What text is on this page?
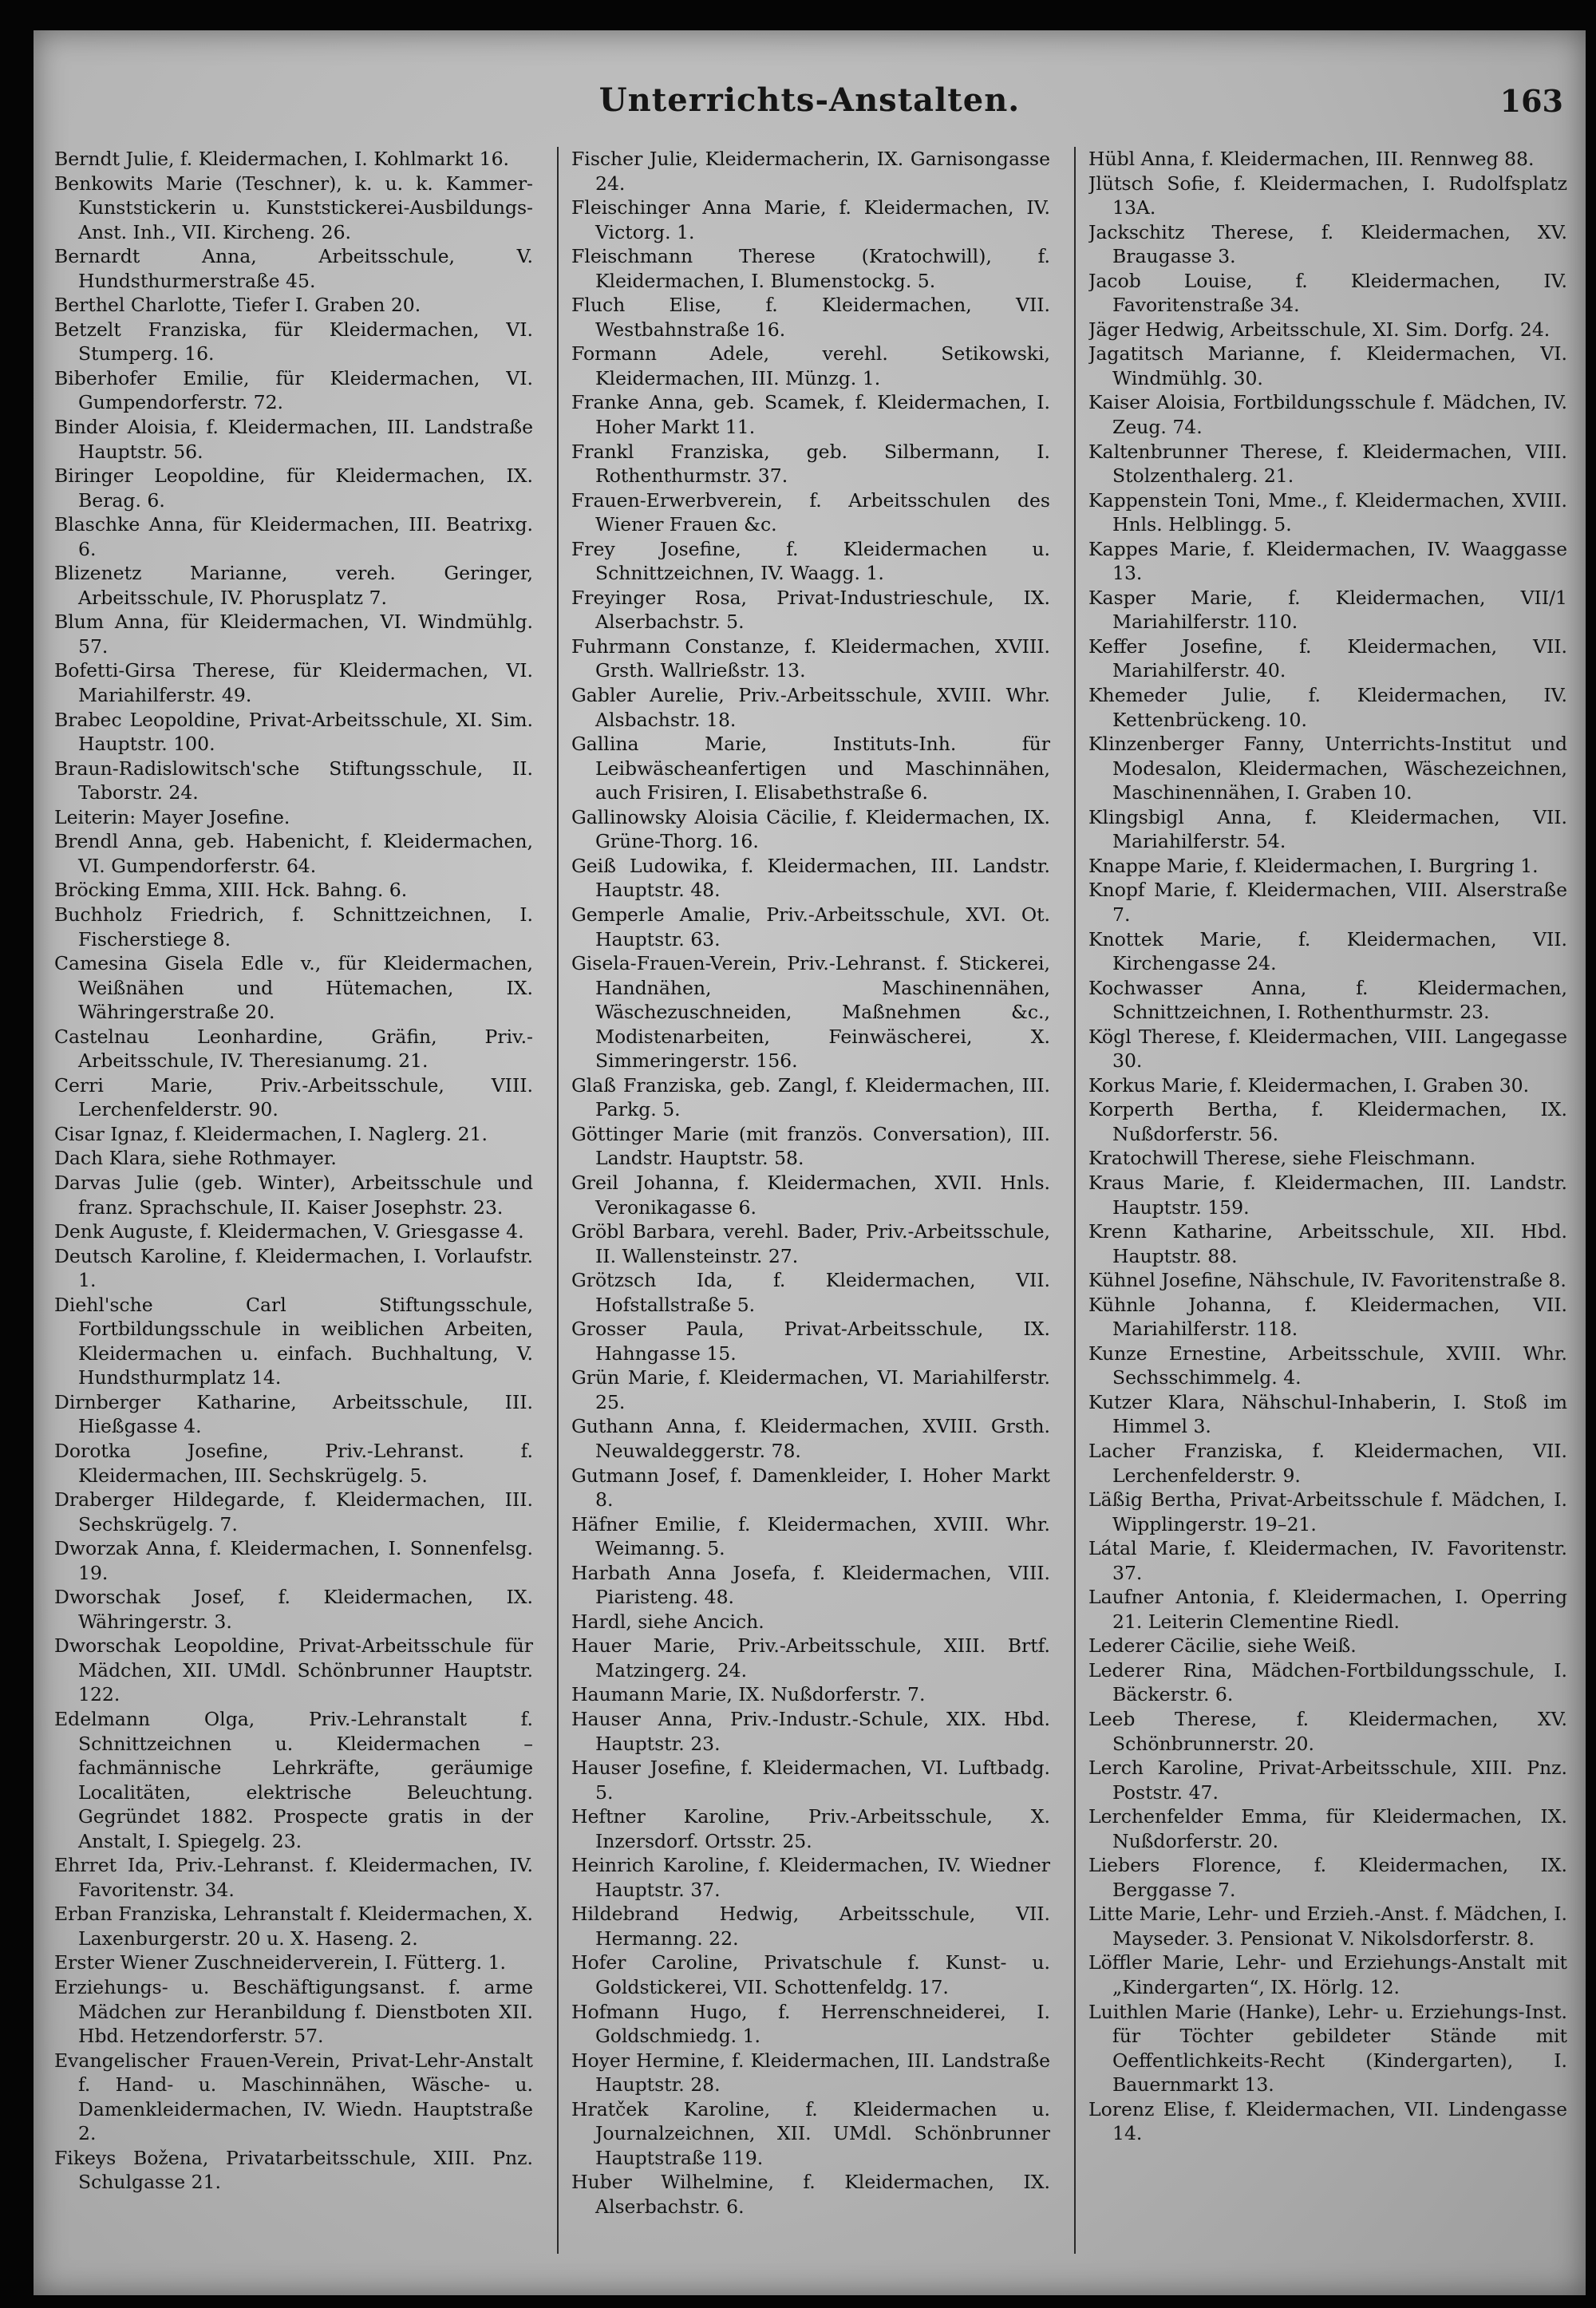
Unterrichts-Anstalten.	163
Berndt Julie, f. Kleidermachen, I. Kohlmarkt 16.
Benkowits Marie (Teschner), k. u. k. Kammer-Kunststickerin u. Kunststickerei-Ausbildungs-Anst. Inh., VII. Kircheng. 26.
Bernardt Anna, Arbeitsschule, V. Hundsthurmerstraße 45.
Berthel Charlotte, Tiefer I. Graben 20.
Betzelt Franziska, für Kleidermachen, VI. Stumperg. 16.
Biberhofer Emilie, für Kleidermachen, VI. Gumpendorferstr. 72.
Binder Aloisia, f. Kleidermachen, III. Landstraße Hauptstr. 56.
Biringer Leopoldine, für Kleidermachen, IX. Berag. 6.
Blaschke Anna, für Kleidermachen, III. Beatrixg. 6.
Blizenetz Marianne, vereh. Geringer, Arbeitsschule, IV. Phorusplatz 7.
Blum Anna, für Kleidermachen, VI. Windmühlg. 57.
Bofetti-Girsa Therese, für Kleidermachen, VI. Mariahilferstr. 49.
Brabec Leopoldine, Privat-Arbeitsschule, XI. Sim. Hauptstr. 100.
Braun-Radislowitsch'sche Stiftungsschule, II. Taborstr. 24.
Leiterin: Mayer Josefine.
Brendl Anna, geb. Habenicht, f. Kleidermachen, VI. Gumpendorferstr. 64.
Bröcking Emma, XIII. Hck. Bahng. 6.
Buchholz Friedrich, f. Schnittzeichnen, I. Fischerstiege 8.
Camesina Gisela Edle v., für Kleidermachen, Weißnähen und Hütemachen, IX. Währingerstraße 20.
Castelnau Leonhardine, Gräfin, Priv.-Arbeitsschule, IV. Theresianumg. 21.
Cerri Marie, Priv.-Arbeitsschule, VIII. Lerchenfelderstr. 90.
Cisar Ignaz, f. Kleidermachen, I. Naglerg. 21.
Dach Klara, siehe Rothmayer.
Darvas Julie (geb. Winter), Arbeitsschule und franz. Sprachschule, II. Kaiser Josephstr. 23.
Denk Auguste, f. Kleidermachen, V. Griesgasse 4.
Deutsch Karoline, f. Kleidermachen, I. Vorlaufstr. 1.
Diehl'sche Carl Stiftungsschule, Fortbildungsschule in weiblichen Arbeiten, Kleidermachen u. einfach. Buchhaltung, V. Hundsthurmplatz 14.
Dirnberger Katharine, Arbeitsschule, III. Hießgasse 4.
Dorotka Josefine, Priv.-Lehranst. f. Kleidermachen, III. Sechskrügelg. 5.
Draberger Hildegarde, f. Kleidermachen, III. Sechskrügelg. 7.
Dworzak Anna, f. Kleidermachen, I. Sonnenfelsg. 19.
Dworschak Josef, f. Kleidermachen, IX. Währingerstr. 3.
Dworschak Leopoldine, Privat-Arbeitsschule für Mädchen, XII. UMdl. Schönbrunner Hauptstr. 122.
Edelmann Olga, Priv.-Lehranstalt f. Schnittzeichnen u. Kleidermachen – fachmännische Lehrkräfte, geräumige Localitäten, elektrische Beleuchtung. Gegründet 1882. Prospecte gratis in der Anstalt, I. Spiegelg. 23.
Ehrret Ida, Priv.-Lehranst. f. Kleidermachen, IV. Favoritenstr. 34.
Erban Franziska, Lehranstalt f. Kleidermachen, X. Laxenburgerstr. 20 u. X. Haseng. 2.
Erster Wiener Zuschneiderverein, I. Fütterg. 1.
Erziehungs- u. Beschäftigungsanst. f. arme Mädchen zur Heranbildung f. Dienstboten XII. Hbd. Hetzendorferstr. 57.
Evangelischer Frauen-Verein, Privat-Lehr-Anstalt f. Hand- u. Maschinnähen, Wäsche- u. Damenkleidermachen, IV. Wiedn. Hauptstraße 2.
Fikeys Božena, Privatarbeitsschule, XIII. Pnz. Schulgasse 21.
Fischer Julie, Kleidermacherin, IX. Garnisongasse 24.
Fleischinger Anna Marie, f. Kleidermachen, IV. Victorg. 1.
Fleischmann Therese (Kratochwill), f. Kleidermachen, I. Blumenstockg. 5.
Fluch Elise, f. Kleidermachen, VII. Westbahnstraße 16.
Formann Adele, verehl. Setikowski, Kleidermachen, III. Münzg. 1.
Franke Anna, geb. Scamek, f. Kleidermachen, I. Hoher Markt 11.
Frankl Franziska, geb. Silbermann, I. Rothenthurmstr. 37.
Frauen-Erwerbverein, f. Arbeitsschulen des Wiener Frauen &c.
Frey Josefine, f. Kleidermachen u. Schnittzeichnen, IV. Waagg. 1.
Freyinger Rosa, Privat-Industrieschule, IX. Alserbachstr. 5.
Fuhrmann Constanze, f. Kleidermachen, XVIII. Grsth. Wallrießstr. 13.
Gabler Aurelie, Priv.-Arbeitsschule, XVIII. Whr. Alsbachstr. 18.
Gallina Marie, Instituts-Inh. für Leibwäscheanfertigen und Maschinnähen, auch Frisiren, I. Elisabethstraße 6.
Gallinowsky Aloisia Cäcilie, f. Kleidermachen, IX. Grüne-Thorg. 16.
Geiß Ludowika, f. Kleidermachen, III. Landstr. Hauptstr. 48.
Gemperle Amalie, Priv.-Arbeitsschule, XVI. Ot. Hauptstr. 63.
Gisela-Frauen-Verein, Priv.-Lehranst. f. Stickerei, Handnähen, Maschinennähen, Wäschezuschneiden, Maßnehmen &c., Modistenarbeiten, Feinwäscherei, X. Simmeringerstr. 156.
Glaß Franziska, geb. Zangl, f. Kleidermachen, III. Parkg. 5.
Göttinger Marie (mit französ. Conversation), III. Landstr. Hauptstr. 58.
Greil Johanna, f. Kleidermachen, XVII. Hnls. Veronikagasse 6.
Gröbl Barbara, verehl. Bader, Priv.-Arbeitsschule, II. Wallensteinstr. 27.
Grötzsch Ida, f. Kleidermachen, VII. Hofstallstraße 5.
Grosser Paula, Privat-Arbeitsschule, IX. Hahngasse 15.
Grün Marie, f. Kleidermachen, VI. Mariahilferstr. 25.
Guthann Anna, f. Kleidermachen, XVIII. Grsth. Neuwaldeggerstr. 78.
Gutmann Josef, f. Damenkleider, I. Hoher Markt 8.
Häfner Emilie, f. Kleidermachen, XVIII. Whr. Weimanng. 5.
Harbath Anna Josefa, f. Kleidermachen, VIII. Piaristeng. 48.
Hardl, siehe Ancich.
Hauer Marie, Priv.-Arbeitsschule, XIII. Brtf. Matzingerg. 24.
Haumann Marie, IX. Nußdorferstr. 7.
Hauser Anna, Priv.-Industr.-Schule, XIX. Hbd. Hauptstr. 23.
Hauser Josefine, f. Kleidermachen, VI. Luftbadg. 5.
Heftner Karoline, Priv.-Arbeitsschule, X. Inzersdorf. Ortsstr. 25.
Heinrich Karoline, f. Kleidermachen, IV. Wiedner Hauptstr. 37.
Hildebrand Hedwig, Arbeitsschule, VII. Hermanng. 22.
Hofer Caroline, Privatschule f. Kunst- u. Goldstickerei, VII. Schottenfeldg. 17.
Hofmann Hugo, f. Herrenschneiderei, I. Goldschmiedg. 1.
Hoyer Hermine, f. Kleidermachen, III. Landstraße Hauptstr. 28.
Hratček Karoline, f. Kleidermachen u. Journalzeichnen, XII. UMdl. Schönbrunner Hauptstraße 119.
Huber Wilhelmine, f. Kleidermachen, IX. Alserbachstr. 6.
Hübl Anna, f. Kleidermachen, III. Rennweg 88.
Jlütsch Sofie, f. Kleidermachen, I. Rudolfsplatz 13A.
Jackschitz Therese, f. Kleidermachen, XV. Braugasse 3.
Jacob Louise, f. Kleidermachen, IV. Favoritenstraße 34.
Jäger Hedwig, Arbeitsschule, XI. Sim. Dorfg. 24.
Jagatitsch Marianne, f. Kleidermachen, VI. Windmühlg. 30.
Kaiser Aloisia, Fortbildungsschule f. Mädchen, IV. Zeug. 74.
Kaltenbrunner Therese, f. Kleidermachen, VIII. Stolzenthalerg. 21.
Kappenstein Toni, Mme., f. Kleidermachen, XVIII. Hnls. Helblingg. 5.
Kappes Marie, f. Kleidermachen, IV. Waaggasse 13.
Kasper Marie, f. Kleidermachen, VII/1 Mariahilferstr. 110.
Keffer Josefine, f. Kleidermachen, VII. Mariahilferstr. 40.
Khemeder Julie, f. Kleidermachen, IV. Kettenbrückeng. 10.
Klinzenberger Fanny, Unterrichts-Institut und Modesalon, Kleidermachen, Wäschezeichnen, Maschinennähen, I. Graben 10.
Klingsbigl Anna, f. Kleidermachen, VII. Mariahilferstr. 54.
Knappe Marie, f. Kleidermachen, I. Burgring 1.
Knopf Marie, f. Kleidermachen, VIII. Alserstraße 7.
Knottek Marie, f. Kleidermachen, VII. Kirchengasse 24.
Kochwasser Anna, f. Kleidermachen, Schnittzeichnen, I. Rothenthurmstr. 23.
Kögl Therese, f. Kleidermachen, VIII. Langegasse 30.
Korkus Marie, f. Kleidermachen, I. Graben 30.
Korperth Bertha, f. Kleidermachen, IX. Nußdorferstr. 56.
Kratochwill Therese, siehe Fleischmann.
Kraus Marie, f. Kleidermachen, III. Landstr. Hauptstr. 159.
Krenn Katharine, Arbeitsschule, XII. Hbd. Hauptstr. 88.
Kühnel Josefine, Nähschule, IV. Favoritenstraße 8.
Kühnle Johanna, f. Kleidermachen, VII. Mariahilferstr. 118.
Kunze Ernestine, Arbeitsschule, XVIII. Whr. Sechsschimmelg. 4.
Kutzer Klara, Nähschul-Inhaberin, I. Stoß im Himmel 3.
Lacher Franziska, f. Kleidermachen, VII. Lerchenfelderstr. 9.
Läßig Bertha, Privat-Arbeitsschule f. Mädchen, I. Wipplingerstr. 19–21.
Látal Marie, f. Kleidermachen, IV. Favoritenstr. 37.
Laufner Antonia, f. Kleidermachen, I. Operring 21. Leiterin Clementine Riedl.
Lederer Cäcilie, siehe Weiß.
Lederer Rina, Mädchen-Fortbildungsschule, I. Bäckerstr. 6.
Leeb Therese, f. Kleidermachen, XV. Schönbrunnerstr. 20.
Lerch Karoline, Privat-Arbeitsschule, XIII. Pnz. Poststr. 47.
Lerchenfelder Emma, für Kleidermachen, IX. Nußdorferstr. 20.
Liebers Florence, f. Kleidermachen, IX. Berggasse 7.
Litte Marie, Lehr- und Erzieh.-Anst. f. Mädchen, I. Mayseder. 3. Pensionat V. Nikolsdorferstr. 8.
Löffler Marie, Lehr- und Erziehungs-Anstalt mit „Kindergarten“, IX. Hörlg. 12.
Luithlen Marie (Hanke), Lehr- u. Erziehungs-Inst. für Töchter gebildeter Stände mit Oeffentlichkeits-Recht (Kindergarten), I. Bauernmarkt 13.
Lorenz Elise, f. Kleidermachen, VII. Lindengasse 14.
